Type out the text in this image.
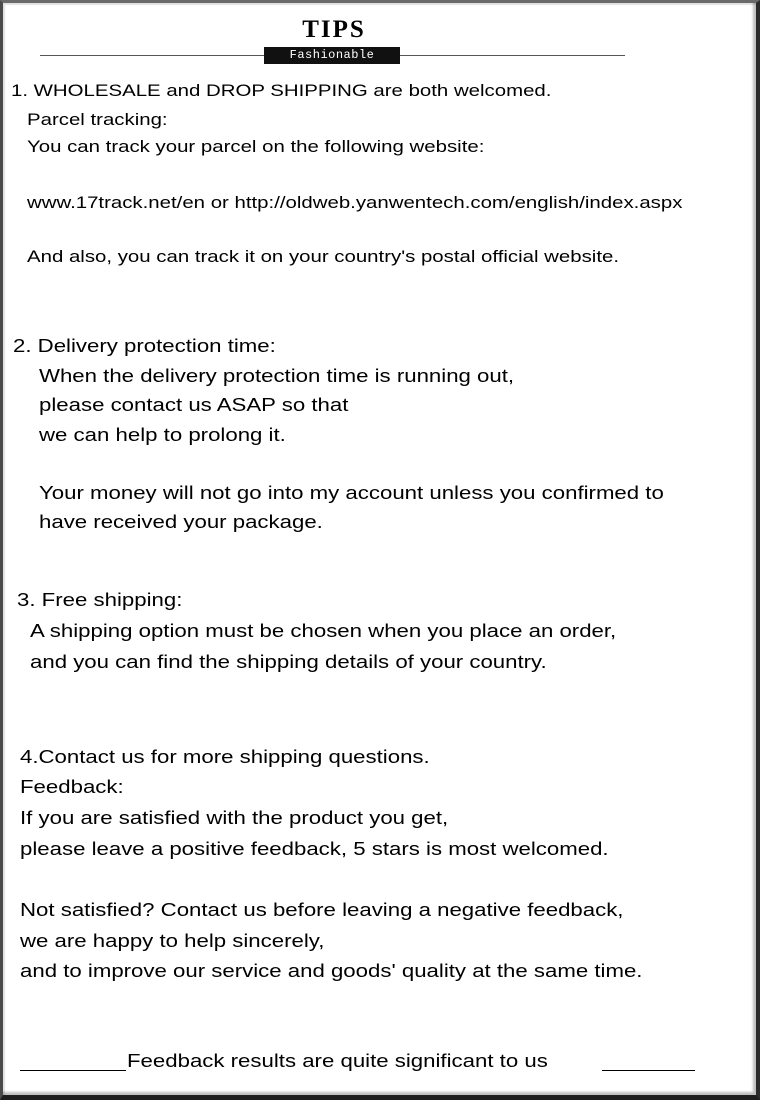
TIPS
Fashionable
1. WHOLESALE and DROP SHIPPING are both welcomed.
Parcel tracking:
You can track your parcel on the following website:
www.17track.net/en or http://oldweb.yanwentech.com/english/index.aspx
And also, you can track it on your country's postal official website.
2. Delivery protection time:
When the delivery protection time is running out,
please contact us ASAP so that
we can help to prolong it.
Your money will not go into my account unless you confirmed to
have received your package.
3. Free shipping:
A shipping option must be chosen when you place an order,
and you can find the shipping details of your country.
4.Contact us for more shipping questions.
Feedback:
If you are satisfied with the product you get,
please leave a positive feedback, 5 stars is most welcomed.
Not satisfied? Contact us before leaving a negative feedback,
we are happy to help sincerely,
and to improve our service and goods' quality at the same time.
Feedback results are quite significant to us
